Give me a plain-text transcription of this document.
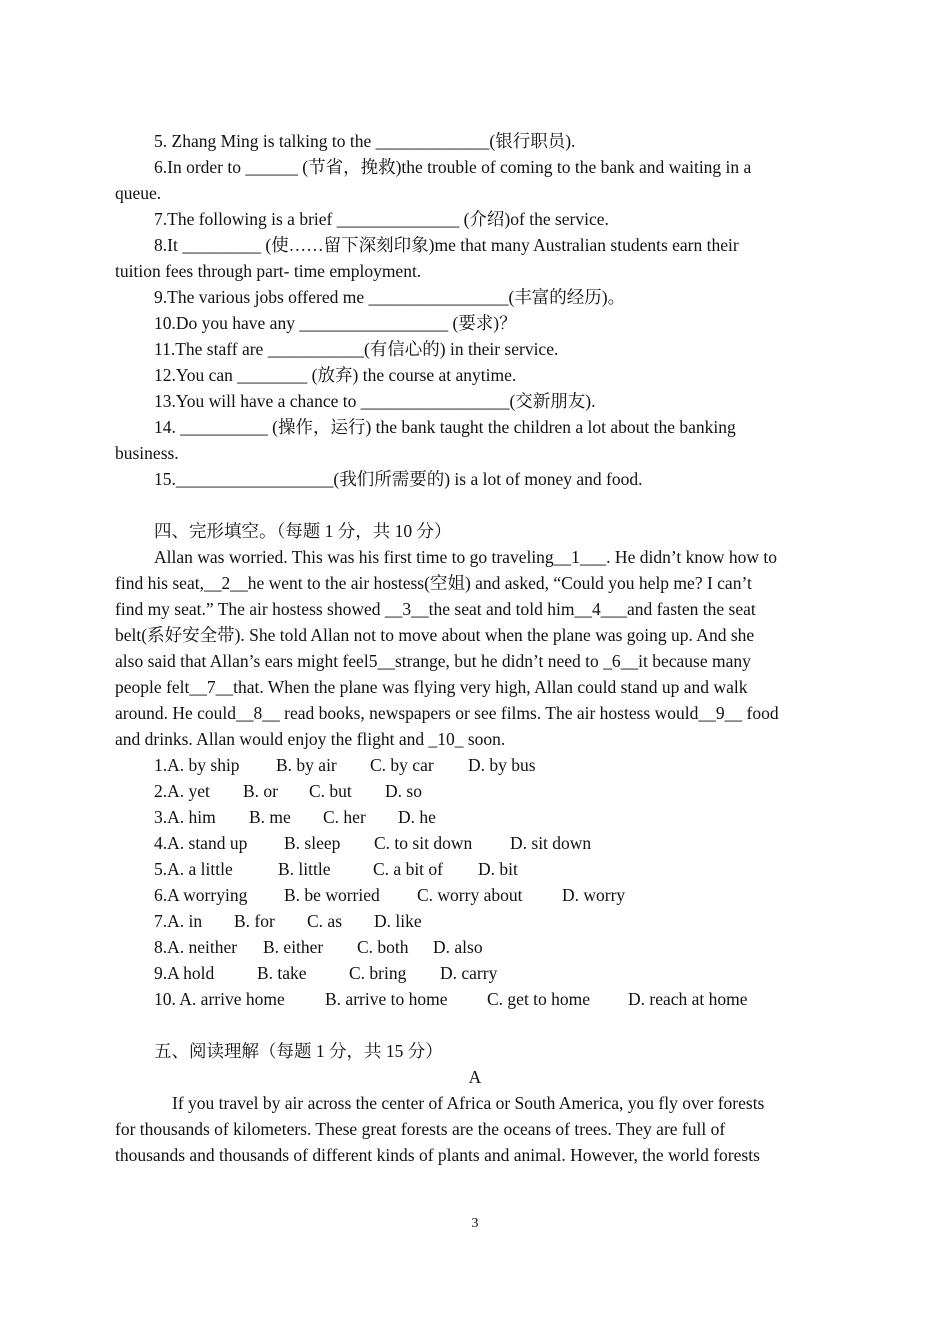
5. Zhang Ming is talking to the _____________(银行职员).
6.In order to ______ (节省，挽救)the trouble of coming to the bank and waiting in a
queue.
7.The following is a brief ______________ (介绍)of the service.
8.It _________ (使……留下深刻印象)me that many Australian students earn their
tuition fees through part- time employment.
9.The various jobs offered me ________________(丰富的经历)。
10.Do you have any _________________ (要求)？
11.The staff are ___________(有信心的) in their service.
12.You can ________ (放弃) the course at anytime.
13.You will have a chance to _________________(交新朋友).
14. __________ (操作，运行) the bank taught the children a lot about the banking
business.
15.__________________(我们所需要的) is a lot of money and food.
四、完形填空。（每题 1 分，共 10 分）
Allan was worried. This was his first time to go traveling__1___. He didn’t know how to
find his seat,__2__he went to the air hostess(空姐) and asked, “Could you help me? I can’t
find my seat.” The air hostess showed __3__the seat and told him__4___and fasten the seat
belt(系好安全带). She told Allan not to move about when the plane was going up. And she
also said that Allan’s ears might feel5__strange, but he didn’t need to _6__it because many
people felt__7__that. When the plane was flying very high, Allan could stand up and walk
around. He could__8__ read books, newspapers or see films. The air hostess would__9__ food
and drinks. Allan would enjoy the flight and _10_ soon.
1.A. by ship B. by air C. by car D. by bus
2.A. yet B. or C. but D. so
3.A. him B. me C. her D. he
4.A. stand up B. sleep C. to sit down D. sit down
5.A. a little	B. little C. a bit of D. bit
6.A worrying B. be worried C. worry about D. worry
7.A. in B. for C. as D. like
8.A. neither B. either C. both D. also
9.A hold B. take C. bring D. carry
10. A. arrive home B. arrive to home C. get to home D. reach at home
五、阅读理解（每题 1 分，共 15 分）
A
If you travel by air across the center of Africa or South America, you fly over forests
for thousands of kilometers. These great forests are the oceans of trees. They are full of
thousands and thousands of different kinds of plants and animal. However, the world forests
3
